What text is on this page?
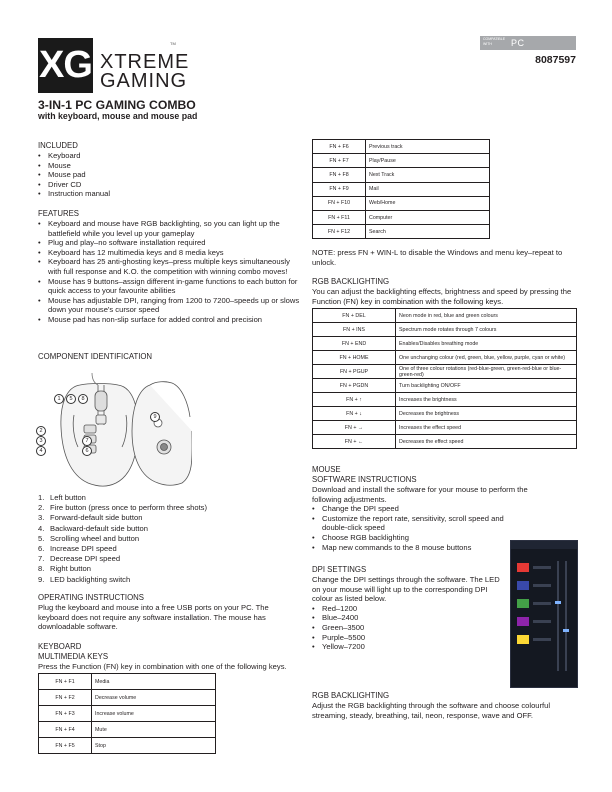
XG XTREME
GAMING
TM
COMPATIBLE WITH	PC
8087597
3-IN-1 PC GAMING COMBO
with keyboard, mouse and mouse pad
INCLUDED
• Keyboard
• Mouse
• Mouse pad
• Driver CD
• Instruction manual
FEATURES
• Keyboard and mouse have RGB backlighting, so you can light up the battlefield while you level up your gameplay
• Plug and play–no software installation required
• Keyboard has 12 multimedia keys and 8 media keys
• Keyboard has 25 anti-ghosting keys–press multiple keys simultaneously with full response and K.O. the competition with winning combo moves!
• Mouse has 9 buttons–assign different in-game functions to each button for quick access to your favourite abilities
• Mouse has adjustable DPI, ranging from 1200 to 7200–speeds up or slows down your mouse's cursor speed
• Mouse pad has non-slip surface for added control and precision
COMPONENT IDENTIFICATION
2
3
4
1	5	8
7
6
9
1. Left button
2. Fire button (press once to perform three shots)
3. Forward-default side button
4. Backward-default side button
5. Scrolling wheel and button
6. Increase DPI speed
7. Decrease DPI speed
8. Right button
9. LED backlighting switch
OPERATING INSTRUCTIONS
Plug the keyboard and mouse into a free USB ports on your PC. The keyboard does not require any software installation. The mouse has downloadable software.
KEYBOARD
MULTIMEDIA KEYS
Press the Function (FN) key in combination with one of the following keys.
FN + F1	Media
FN + F2	Decrease volume
FN + F3	Increase volume
FN + F4	Mute
FN + F5	Stop
FN + F6	Previous track
FN + F7	Play/Pause
FN + F8	Next Track
FN + F9	Mail
FN + F10	Web/Home
FN + F11	Computer
FN + F12	Search
NOTE: press FN + WIN-L to disable the Windows and menu key–repeat to unlock.
RGB BACKLIGHTING
You can adjust the backlighting effects, brightness and speed by pressing the Function (FN) key in combination with the following keys.
FN + DEL	Neon mode in red, blue and green colours
FN + INS	Spectrum mode rotates through 7 colours
FN + END	Enables/Disables breathing mode
FN + HOME	One unchanging colour (red, green, blue, yellow, purple, cyan or white)
FN + PGUP	One of three colour rotations (red-blue-green, green-red-blue or blue-green-red)
FN + PGDN	Turn backlighting ON/OFF
FN + ↑	Increases the brightness
FN + ↓	Decreases the brightness
FN + →	Increases the effect speed
FN + ←	Decreases the effect speed
MOUSE
SOFTWARE INSTRUCTIONS
Download and install the software for your mouse to perform the following adjustments.
• Change the DPI speed
• Customize the report rate, sensitivity, scroll speed and double-click speed
• Choose RGB backlighting
• Map new commands to the 8 mouse buttons
DPI SETTINGS
Change the DPI settings through the software. The LED on your mouse will light up to the corresponding DPI colour as listed below.
• Red–1200
• Blue–2400
• Green–3500
• Purple–5500
• Yellow–7200
RGB BACKLIGHTING
Adjust the RGB backlighting through the software and choose colourful streaming, steady, breathing, tail, neon, response, wave and OFF.
